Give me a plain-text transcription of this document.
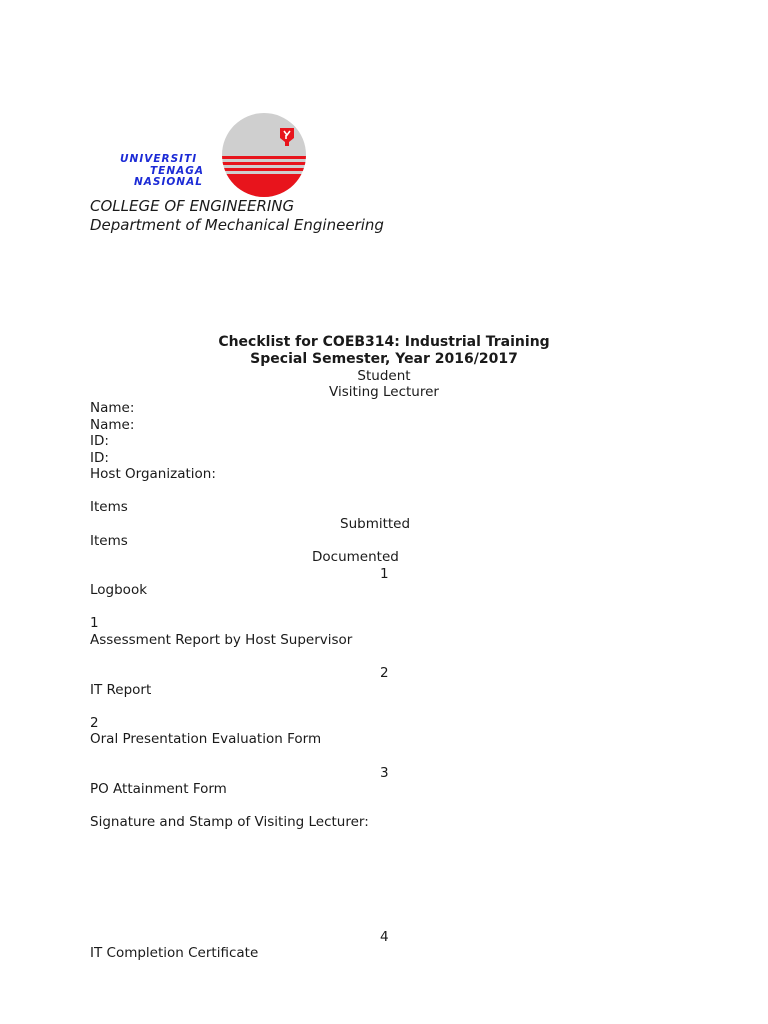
UNIVERSITI
TENAGA
NASIONAL
COLLEGE OF ENGINEERING
Department of Mechanical Engineering
Checklist for COEB314: Industrial Training
Special Semester, Year 2016/2017
Student
Visiting Lecturer
Name:
Name:
ID:
ID:
Host Organization:
Items
Submitted
Items
Documented
1
Logbook
1
Assessment Report by Host Supervisor
2
IT Report
2
Oral Presentation Evaluation Form
3
PO Attainment Form
Signature and Stamp of Visiting Lecturer:
4
IT Completion Certificate
